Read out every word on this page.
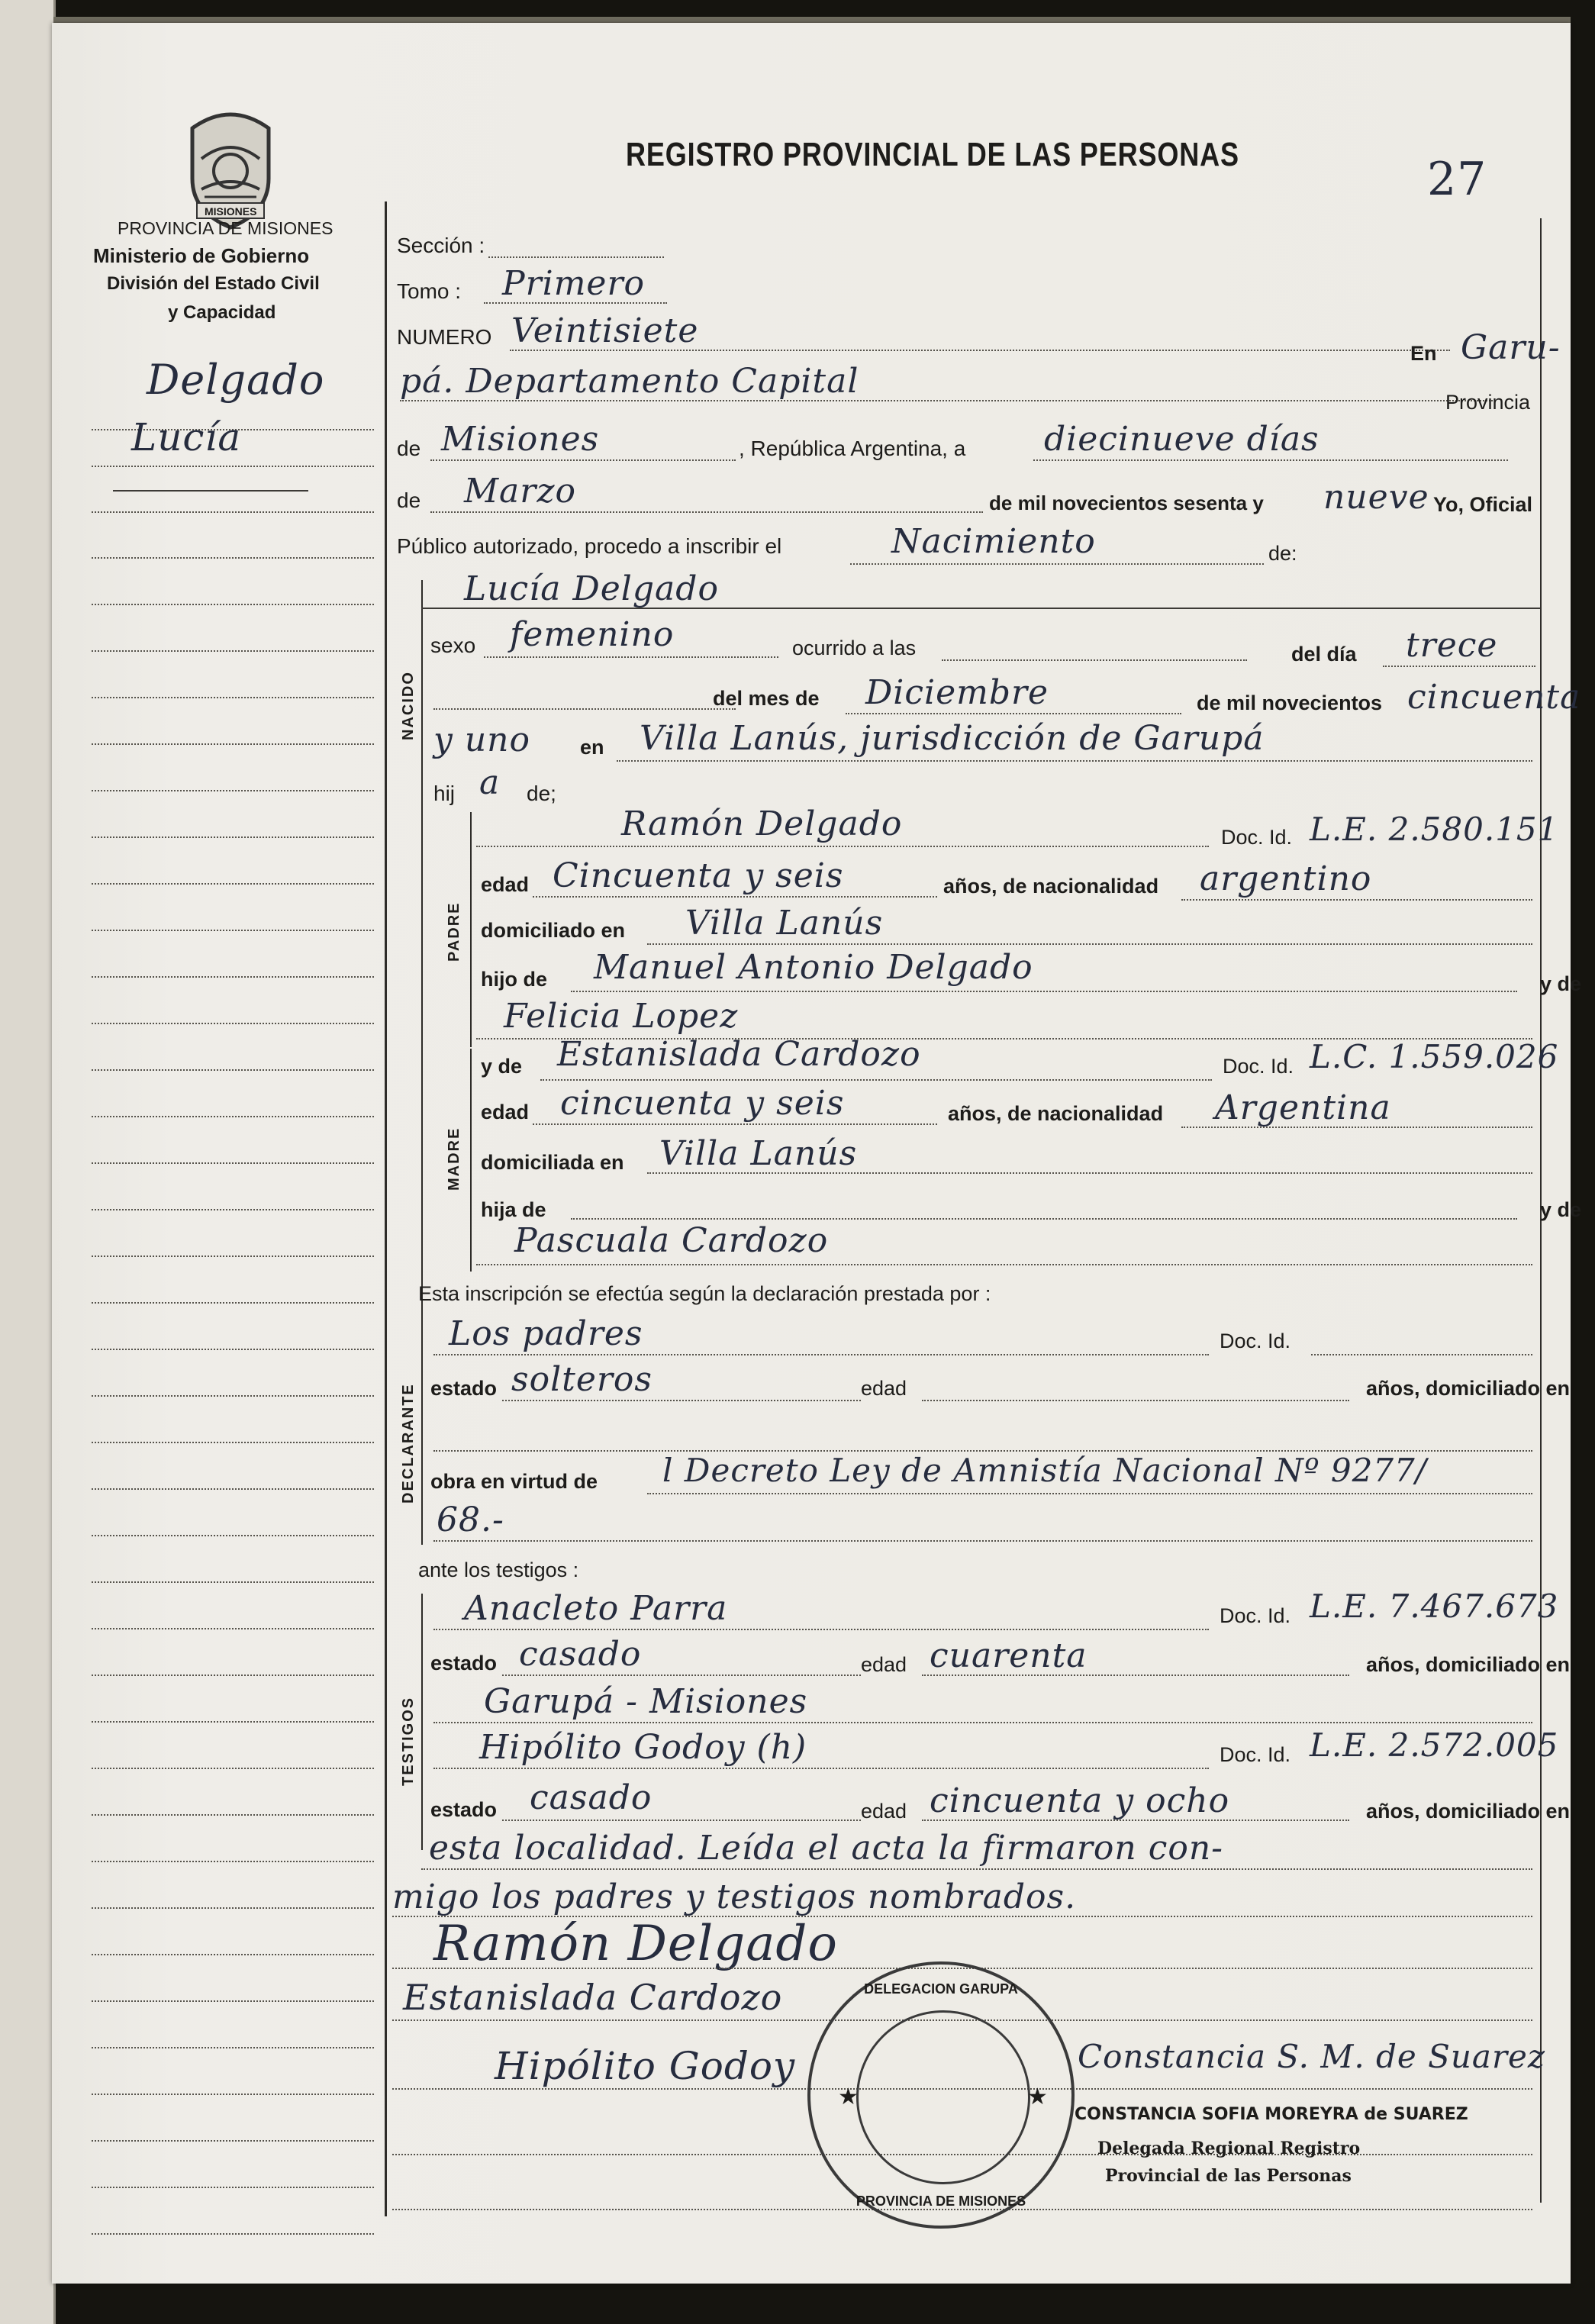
MISIONES
REGISTRO PROVINCIAL DE LAS PERSONAS	27
PROVINCIA DE MISIONES
Ministerio de Gobierno
División del Estado Civil
y Capacidad
Delgado
Lucía
Sección :
Tomo : Primero
NUMERO Veintisiete
En Garu-
pá. Departamento Capital
Provincia
de Misiones	, República Argentina, a diecinueve días
de Marzo	de mil novecientos sesenta y nueve Yo, Oficial
Público autorizado, procedo a inscribir el	Nacimiento	de:
NACIDO
Lucía Delgado
sexo femenino	ocurrido a las	del día trece
del mes de Diciembre	de mil novecientos cincuenta
y uno en Villa Lanús, jurisdicción de Garupá
hij a de;
PADRE
Ramón Delgado	Doc. Id. L.E. 2.580.151
edad Cincuenta y seis	años, de nacionalidad argentino
domiciliado en Villa Lanús
hijo de Manuel Antonio Delgado	y de
Felicia Lopez
MADRE
y de Estanislada Cardozo	Doc. Id. L.C. 1.559.026
edad cincuenta y seis	años, de nacionalidad Argentina
domiciliada en Villa Lanús
hija de	y de
Pascuala Cardozo
Esta inscripción se efectúa según la declaración prestada por :
DECLARANTE
Los padres	Doc. Id.
estado solteros	edad	años, domiciliado en
obra en virtud de l Decreto Ley de Amnistía Nacional Nº 9277/
68.-
ante los testigos :
TESTIGOS
Anacleto Parra	Doc. Id. L.E. 7.467.673
estado casado	edad cuarenta	años, domiciliado en
Garupá - Misiones
Hipólito Godoy (h)	Doc. Id. L.E. 2.572.005
estado casado	edad cincuenta y ocho	años, domiciliado en
esta localidad. Leída el acta la firmaron con-
migo los padres y testigos nombrados.
Ramón Delgado
Estanislada Cardozo
Hipólito Godoy	Constancia S. M. de Suarez
CONSTANCIA SOFIA MOREYRA de SUAREZ
Delegada Regional Registro
Provincial de las Personas
DELEGACION GARUPA
PROVINCIA DE MISIONES
★	★
